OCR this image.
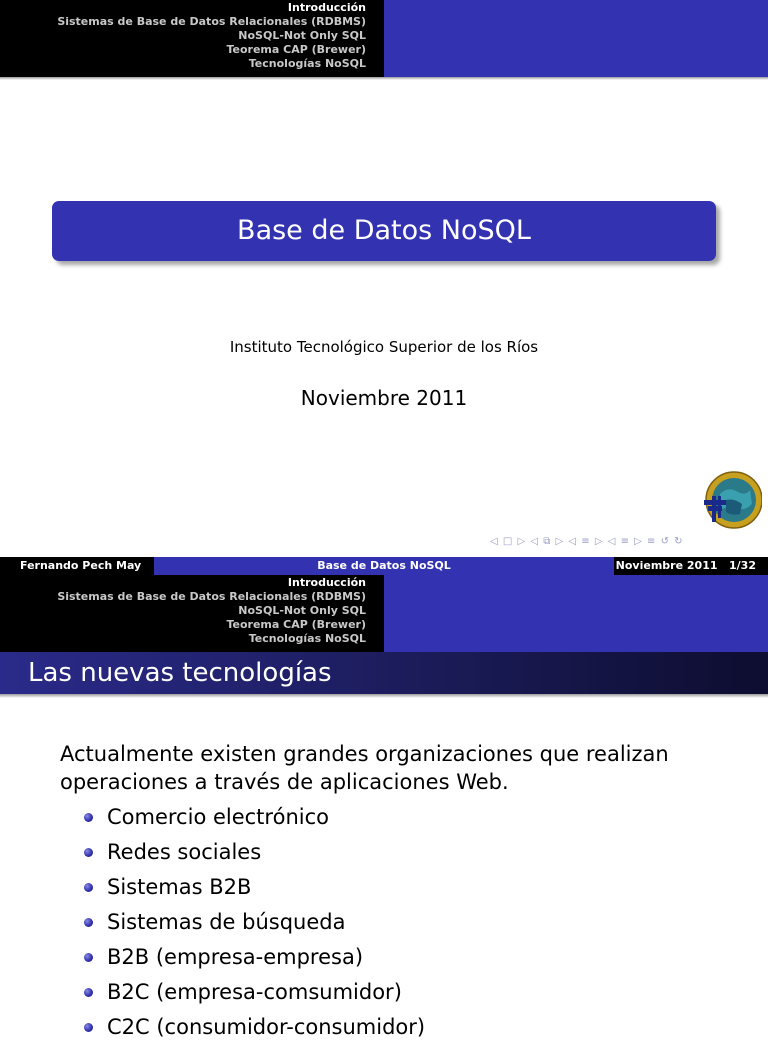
Introducción
Sistemas de Base de Datos Relacionales (RDBMS)
NoSQL-Not Only SQL
Teorema CAP (Brewer)
Tecnologías NoSQL
Base de Datos NoSQL
Instituto Tecnológico Superior de los Ríos
Noviembre 2011
◁ □ ▷ ◁ ⧉ ▷ ◁ ≡ ▷ ◁ ≡ ▷ ≡ ↺ ↻
Fernando Pech May	Base de Datos NoSQL	Noviembre 2011 1/32
Introducción
Sistemas de Base de Datos Relacionales (RDBMS)
NoSQL-Not Only SQL
Teorema CAP (Brewer)
Tecnologías NoSQL
Las nuevas tecnologías
Actualmente existen grandes organizaciones que realizan operaciones a través de aplicaciones Web.
Comercio electrónico
Redes sociales
Sistemas B2B
Sistemas de búsqueda
B2B (empresa-empresa)
B2C (empresa-comsumidor)
C2C (consumidor-consumidor)
